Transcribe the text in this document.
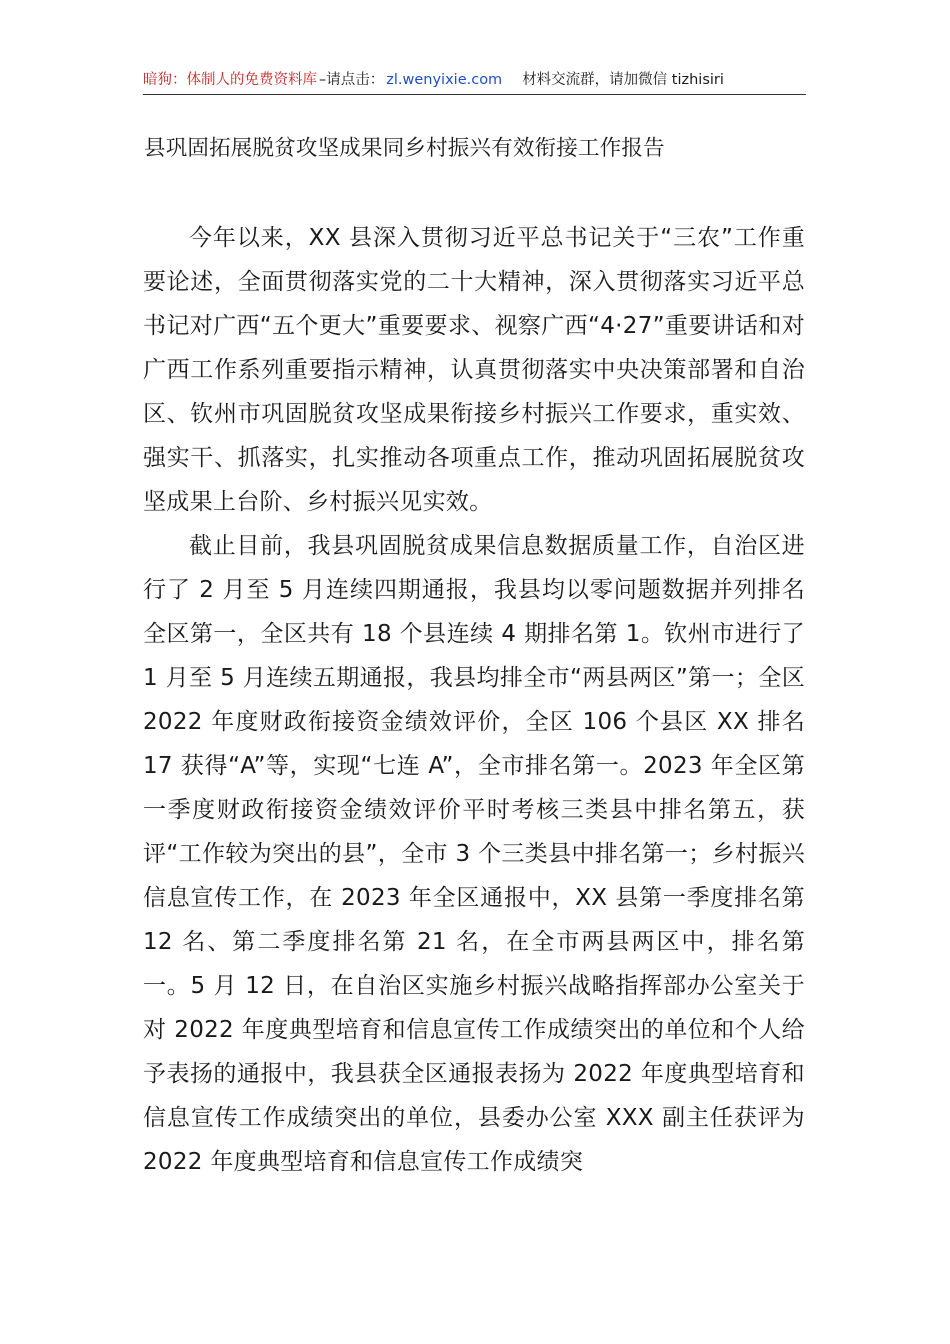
暗狗：体制人的免费资料库 –请点击： zl.wenyixie.com 材料交流群，请加微信 tizhisiri
县巩固拓展脱贫攻坚成果同乡村振兴有效衔接工作报告

今年以来，XX 县深入贯彻习近平总书记关于“三农”工作重要论述，全面贯彻落实党的二十大精神，深入贯彻落实习近平总书记对广西“五个更大”重要要求、视察广西“4·27”重要讲话和对广西工作系列重要指示精神，认真贯彻落实中央决策部署和自治区、钦州市巩固脱贫攻坚成果衔接乡村振兴工作要求，重实效、强实干、抓落实，扎实推动各项重点工作，推动巩固拓展脱贫攻坚成果上台阶、乡村振兴见实效。

截止目前，我县巩固脱贫成果信息数据质量工作，自治区进行了 2 月至 5 月连续四期通报，我县均以零问题数据并列排名全区第一，全区共有 18 个县连续 4 期排名第 1。钦州市进行了 1 月至 5 月连续五期通报，我县均排全市“两县两区”第一；全区 2022 年度财政衔接资金绩效评价，全区 106 个县区 XX 排名 17 获得“A”等，实现“七连 A”，全市排名第一。2023 年全区第一季度财政衔接资金绩效评价平时考核三类县中排名第五，获评“工作较为突出的县”，全市 3 个三类县中排名第一；乡村振兴信息宣传工作，在 2023 年全区通报中，XX 县第一季度排名第 12 名、第二季度排名第 21 名，在全市两县两区中，排名第一。5 月 12 日，在自治区实施乡村振兴战略指挥部办公室关于对 2022 年度典型培育和信息宣传工作成绩突出的单位和个人给予表扬的通报中，我县获全区通报表扬为 2022 年度典型培育和信息宣传工作成绩突出的单位，县委办公室 XXX 副主任获评为 2022 年度典型培育和信息宣传工作成绩突
